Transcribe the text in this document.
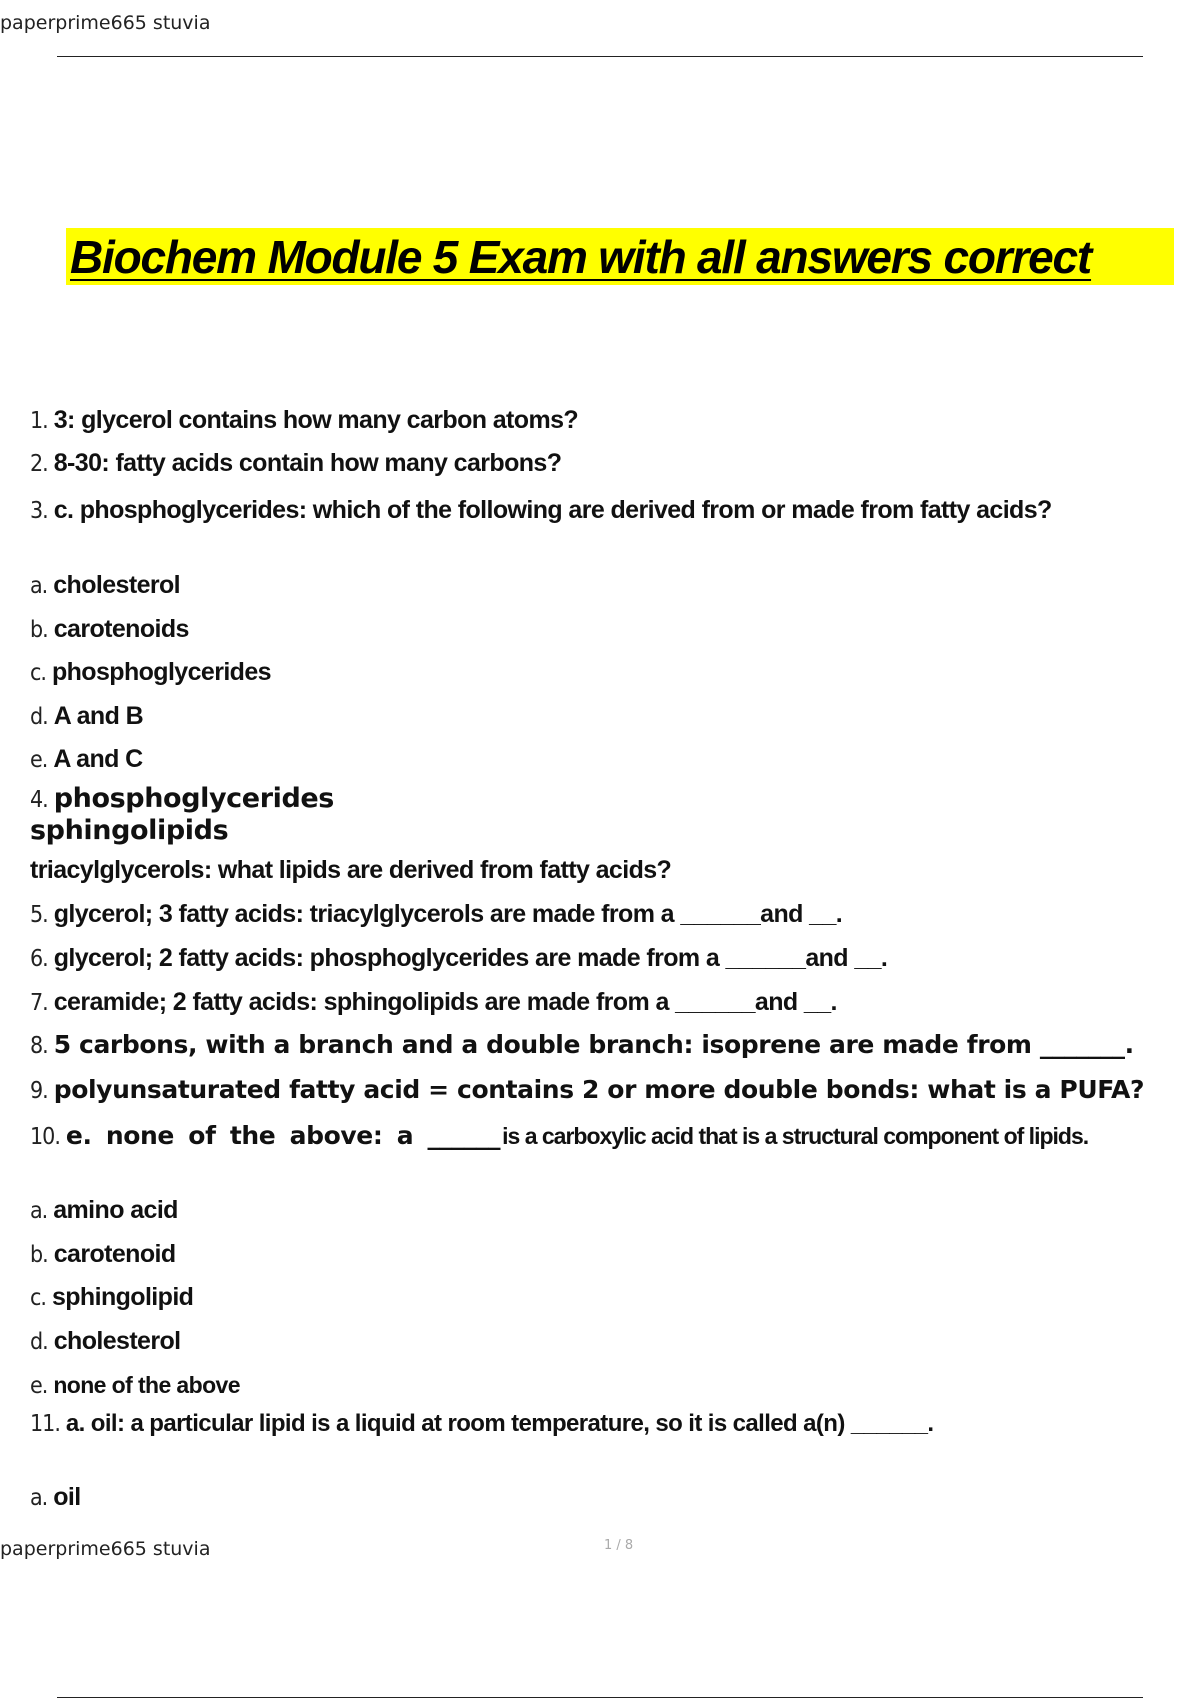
paperprime665 stuvia
Biochem Module 5 Exam with all answers correct
1. 3: glycerol contains how many carbon atoms?
2. 8-30: fatty acids contain how many carbons?
3. c. phosphoglycerides: which of the following are derived from or made from fatty acids?
a. cholesterol
b. carotenoids
c. phosphoglycerides
d. A and B
e. A and C
4. phosphoglycerides
sphingolipids
triacylglycerols: what lipids are derived from fatty acids?
5. glycerol; 3 fatty acids: triacylglycerols are made from a ______and __.
6. glycerol; 2 fatty acids: phosphoglycerides are made from a ______and __.
7. ceramide; 2 fatty acids: sphingolipids are made from a ______and __.
8. 5 carbons, with a branch and a double branch: isoprene are made from _______.
9. polyunsaturated fatty acid = contains 2 or more double bonds: what is a PUFA?
10. e. none of the above: a ______is a carboxylic acid that is a structural component of lipids.
a. amino acid
b. carotenoid
c. sphingolipid
d. cholesterol
e. none of the above
11. a. oil: a particular lipid is a liquid at room temperature, so it is called a(n) ______.
a. oil
paperprime665 stuvia	1 / 8
